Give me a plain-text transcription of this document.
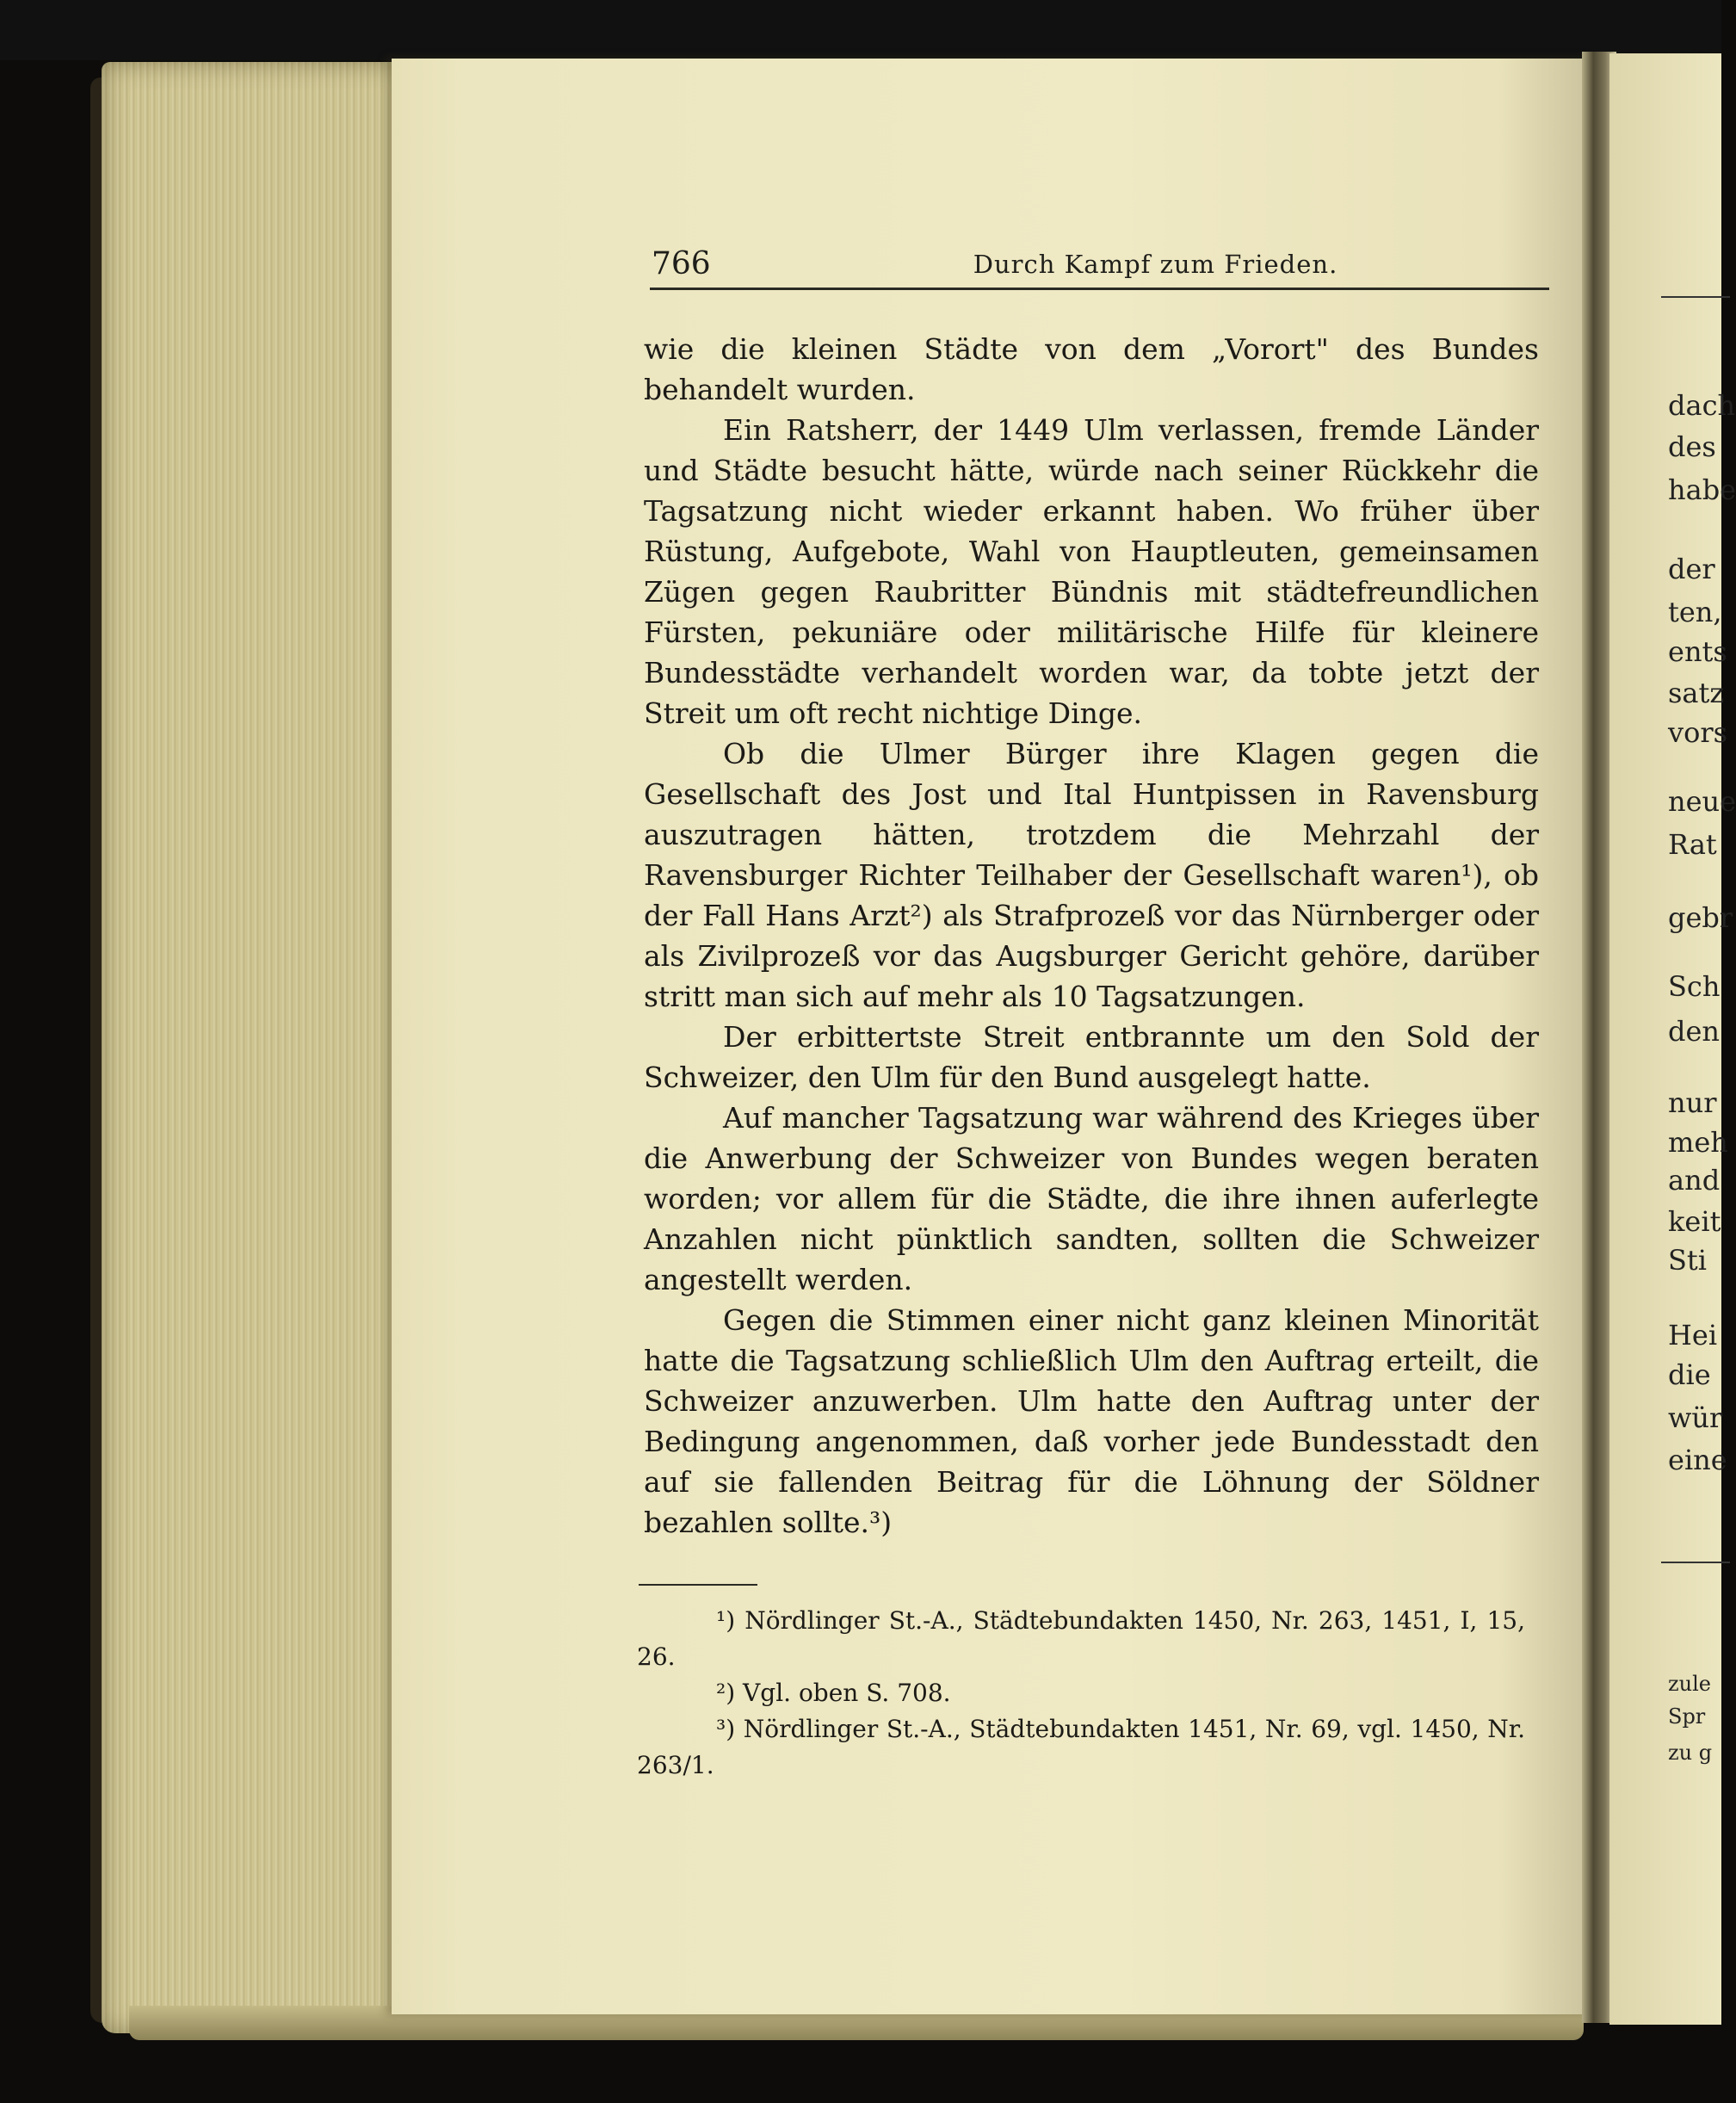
dach
des
habe
der
ten,
ents
satz
vors
neue
Rat
gebr
Sch
den
nur
meh
and
keit
Sti
Hei
die
wür
eine
zule
Spr
zu g
766	Durch Kampf zum Frieden.

wie die kleinen Städte von dem „Vorort" des Bundes behandelt wurden.

Ein Ratsherr, der 1449 Ulm verlassen, fremde Länder und Städte besucht hätte, würde nach seiner Rückkehr die Tagsatzung nicht wieder erkannt haben. Wo früher über Rüstung, Aufgebote, Wahl von Hauptleuten, gemeinsamen Zügen gegen Raubritter Bündnis mit städtefreundlichen Fürsten, pekuniäre oder militärische Hilfe für kleinere Bundesstädte verhandelt worden war, da tobte jetzt der Streit um oft recht nichtige Dinge.

Ob die Ulmer Bürger ihre Klagen gegen die Gesellschaft des Jost und Ital Huntpissen in Ravensburg auszutragen hätten, trotzdem die Mehrzahl der Ravensburger Richter Teilhaber der Gesellschaft waren¹), ob der Fall Hans Arzt²) als Strafprozeß vor das Nürnberger oder als Zivilprozeß vor das Augsburger Gericht gehöre, darüber stritt man sich auf mehr als 10 Tagsatzungen.

Der erbittertste Streit entbrannte um den Sold der Schweizer, den Ulm für den Bund ausgelegt hatte.

Auf mancher Tagsatzung war während des Krieges über die Anwerbung der Schweizer von Bundes wegen beraten worden; vor allem für die Städte, die ihre ihnen auferlegte Anzahlen nicht pünktlich sandten, sollten die Schweizer angestellt werden.

Gegen die Stimmen einer nicht ganz kleinen Minorität hatte die Tagsatzung schließlich Ulm den Auftrag erteilt, die Schweizer anzuwerben. Ulm hatte den Auftrag unter der Bedingung angenommen, daß vorher jede Bundesstadt den auf sie fallenden Beitrag für die Löhnung der Söldner bezahlen sollte.³)

¹) Nördlinger St.-A., Städtebundakten 1450, Nr. 263, 1451, I, 15, 26.

²) Vgl. oben S. 708.

³) Nördlinger St.-A., Städtebundakten 1451, Nr. 69, vgl. 1450, Nr. 263/1.
